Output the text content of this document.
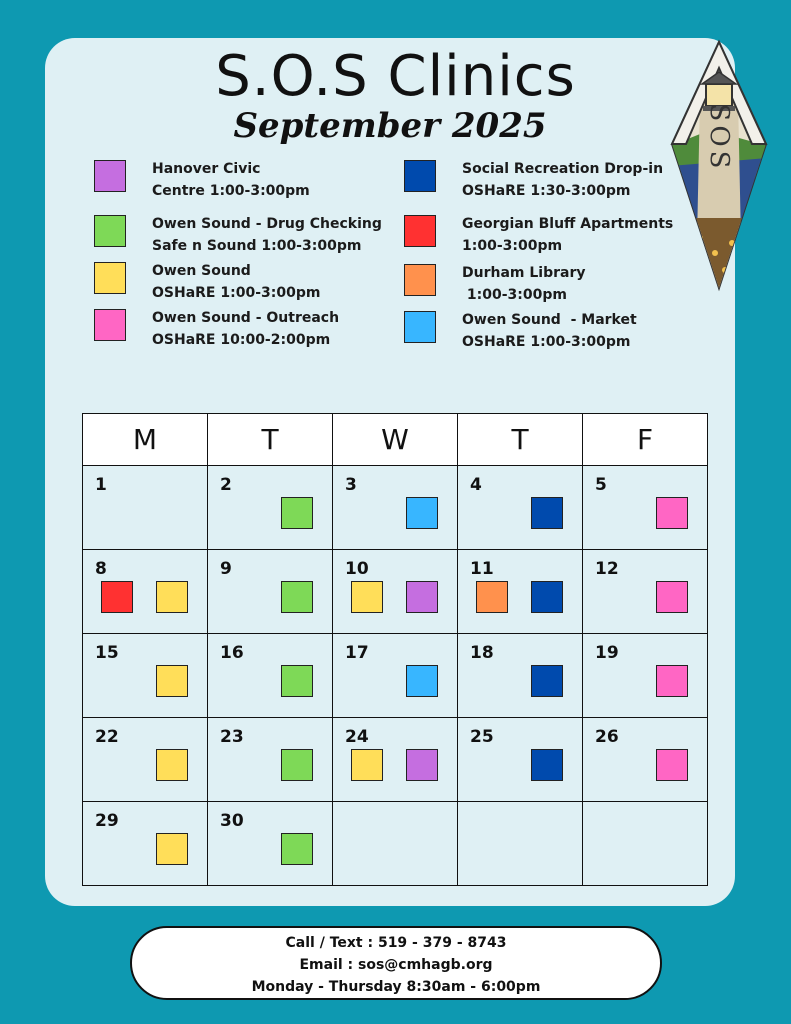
S.O.S Clinics
September 2025	SOS
Hanover Civic
Centre 1:00-3:00pm
Owen Sound - Drug Checking
Safe n Sound 1:00-3:00pm
Owen Sound
OSHaRE 1:00-3:00pm
Owen Sound - Outreach
OSHaRE 10:00-2:00pm
Social Recreation Drop-in
OSHaRE 1:30-3:00pm
Georgian Bluff Apartments
1:00-3:00pm
Durham Library
1:00-3:00pm
Owen Sound  - Market
OSHaRE 1:00-3:00pm
M	T	W	T	F

1	2	3	4	5

8	9	10	11	12

15	16	17	18	19

22	23	24	25	26

29	30			

Call / Text : 519 - 379 - 8743
Email : sos@cmhagb.org
Monday - Thursday 8:30am - 6:00pm
